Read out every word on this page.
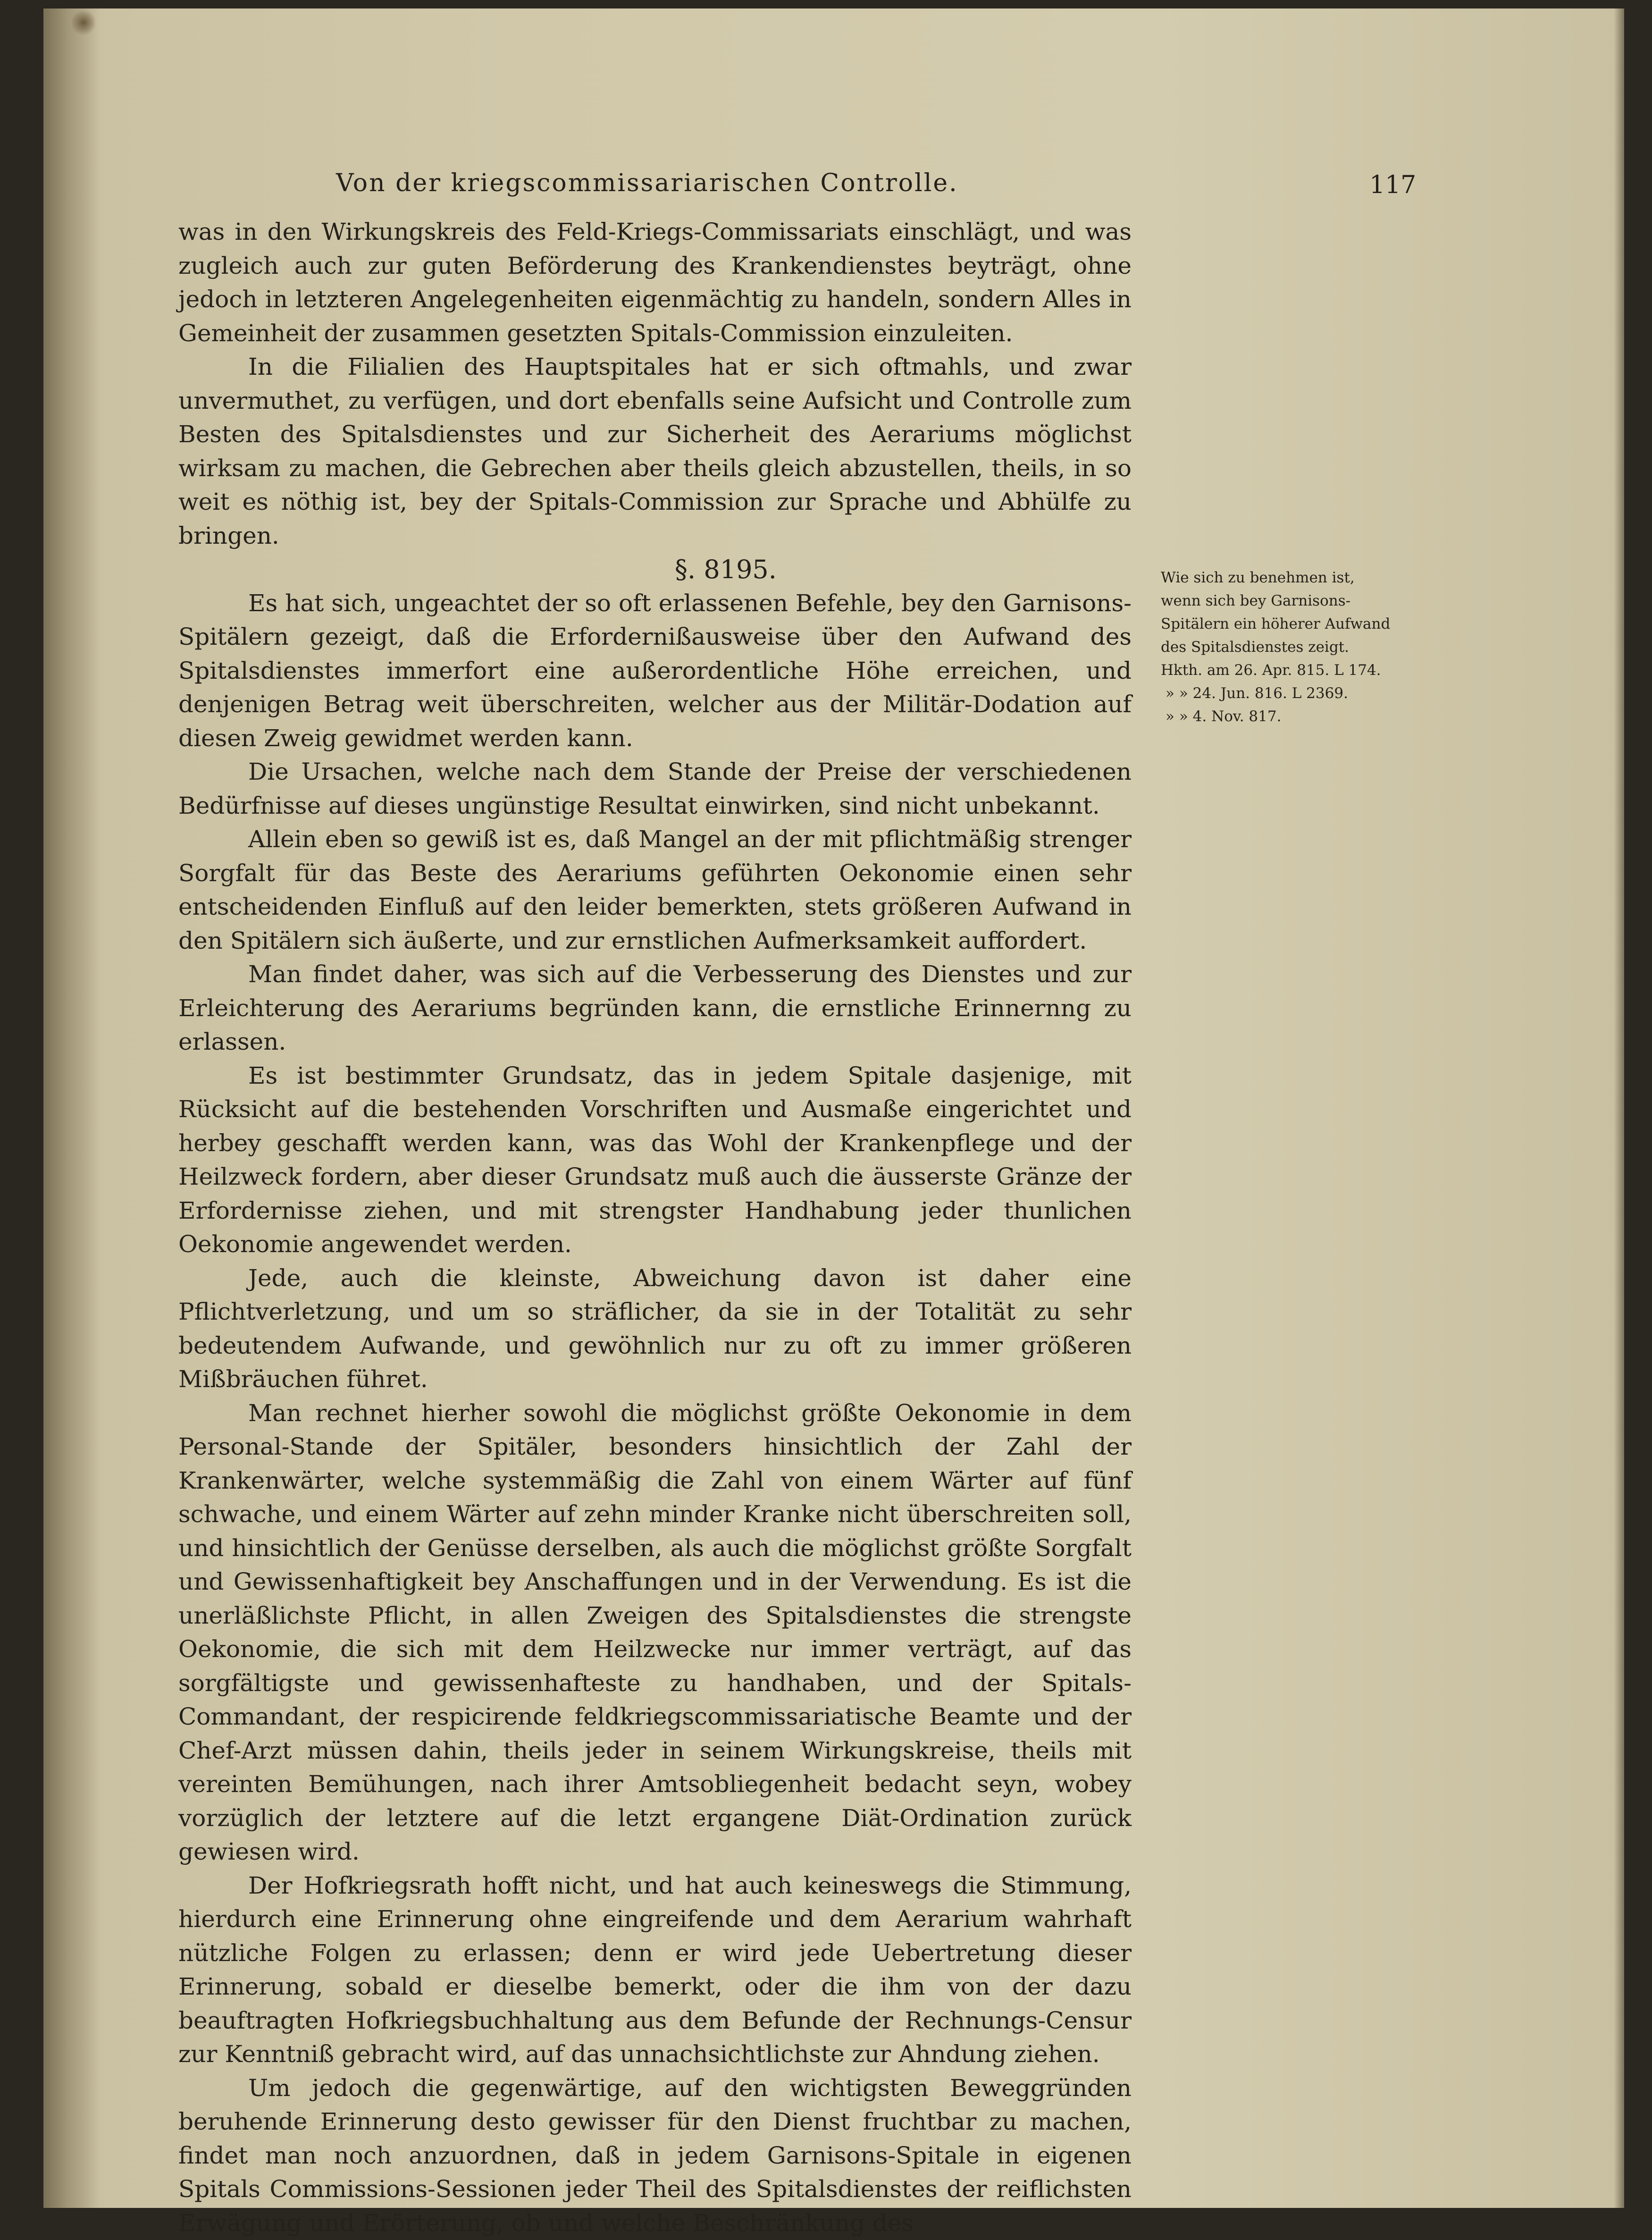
Von der kriegscommissariarischen Controlle.	117

was in den Wirkungskreis des Feld-Kriegs-Commissariats einschlägt, und was zugleich auch zur guten Beförderung des Krankendienstes beyträgt, ohne jedoch in letzteren Angelegenheiten eigenmächtig zu handeln, sondern Alles in Gemeinheit der zusammen gesetzten Spitals-Commission einzuleiten.

In die Filialien des Hauptspitales hat er sich oftmahls, und zwar unvermuthet, zu verfügen, und dort ebenfalls seine Aufsicht und Controlle zum Besten des Spitalsdienstes und zur Sicherheit des Aerariums möglichst wirksam zu machen, die Gebrechen aber theils gleich abzustellen, theils, in so weit es nöthig ist, bey der Spitals-Commission zur Sprache und Abhülfe zu bringen.

§. 8195.

Es hat sich, ungeachtet der so oft erlassenen Befehle, bey den Garnisons-Spitälern gezeigt, daß die Erfordernißausweise über den Aufwand des Spitalsdienstes immerfort eine außerordentliche Höhe erreichen, und denjenigen Betrag weit überschreiten, welcher aus der Militär-Dodation auf diesen Zweig gewidmet werden kann.

Die Ursachen, welche nach dem Stande der Preise der verschiedenen Bedürfnisse auf dieses ungünstige Resultat einwirken, sind nicht unbekannt.

Allein eben so gewiß ist es, daß Mangel an der mit pflichtmäßig strenger Sorgfalt für das Beste des Aerariums geführten Oekonomie einen sehr entscheidenden Einfluß auf den leider bemerkten, stets größeren Aufwand in den Spitälern sich äußerte, und zur ernstlichen Aufmerksamkeit auffordert.

Man findet daher, was sich auf die Verbesserung des Dienstes und zur Erleichterung des Aerariums begründen kann, die ernstliche Erinnernng zu erlassen.

Es ist bestimmter Grundsatz, das in jedem Spitale dasjenige, mit Rücksicht auf die bestehenden Vorschriften und Ausmaße eingerichtet und herbey geschafft werden kann, was das Wohl der Krankenpflege und der Heilzweck fordern, aber dieser Grundsatz muß auch die äusserste Gränze der Erfordernisse ziehen, und mit strengster Handhabung jeder thunlichen Oekonomie angewendet werden.

Jede, auch die kleinste, Abweichung davon ist daher eine Pflichtverletzung, und um so sträflicher, da sie in der Totalität zu sehr bedeutendem Aufwande, und gewöhnlich nur zu oft zu immer größeren Mißbräuchen führet.

Man rechnet hierher sowohl die möglichst größte Oekonomie in dem Personal-Stande der Spitäler, besonders hinsichtlich der Zahl der Krankenwärter, welche systemmäßig die Zahl von einem Wärter auf fünf schwache, und einem Wärter auf zehn minder Kranke nicht überschreiten soll, und hinsichtlich der Genüsse derselben, als auch die möglichst größte Sorgfalt und Gewissenhaftigkeit bey Anschaffungen und in der Verwendung. Es ist die unerläßlichste Pflicht, in allen Zweigen des Spitalsdienstes die strengste Oekonomie, die sich mit dem Heilzwecke nur immer verträgt, auf das sorgfältigste und gewissenhafteste zu handhaben, und der Spitals-Commandant, der respicirende feldkriegscommissariatische Beamte und der Chef-Arzt müssen dahin, theils jeder in seinem Wirkungskreise, theils mit vereinten Bemühungen, nach ihrer Amtsobliegenheit bedacht seyn, wobey vorzüglich der letztere auf die letzt ergangene Diät-Ordination zurück gewiesen wird.

Der Hofkriegsrath hofft nicht, und hat auch keineswegs die Stimmung, hierdurch eine Erinnerung ohne eingreifende und dem Aerarium wahrhaft nützliche Folgen zu erlassen; denn er wird jede Uebertretung dieser Erinnerung, sobald er dieselbe bemerkt, oder die ihm von der dazu beauftragten Hofkriegsbuchhaltung aus dem Befunde der Rechnungs-Censur zur Kenntniß gebracht wird, auf das unnachsichtlichste zur Ahndung ziehen.

Um jedoch die gegenwärtige, auf den wichtigsten Beweggründen beruhende Erinnerung desto gewisser für den Dienst fruchtbar zu machen, findet man noch anzuordnen, daß in jedem Garnisons-Spitale in eigenen Spitals Commissions-Sessionen jeder Theil des Spitalsdienstes der reiflichsten Erwägung und Erörterung, ob und welche Beschränkung des

Wie sich zu benehmen ist, wenn sich bey Garnisons-Spitälern ein höherer Aufwand des Spitalsdienstes zeigt.
Hkth. am 26. Apr. 815. L 174.
» » 24. Jun. 816. L 2369.
» » 4. Nov. 817.
